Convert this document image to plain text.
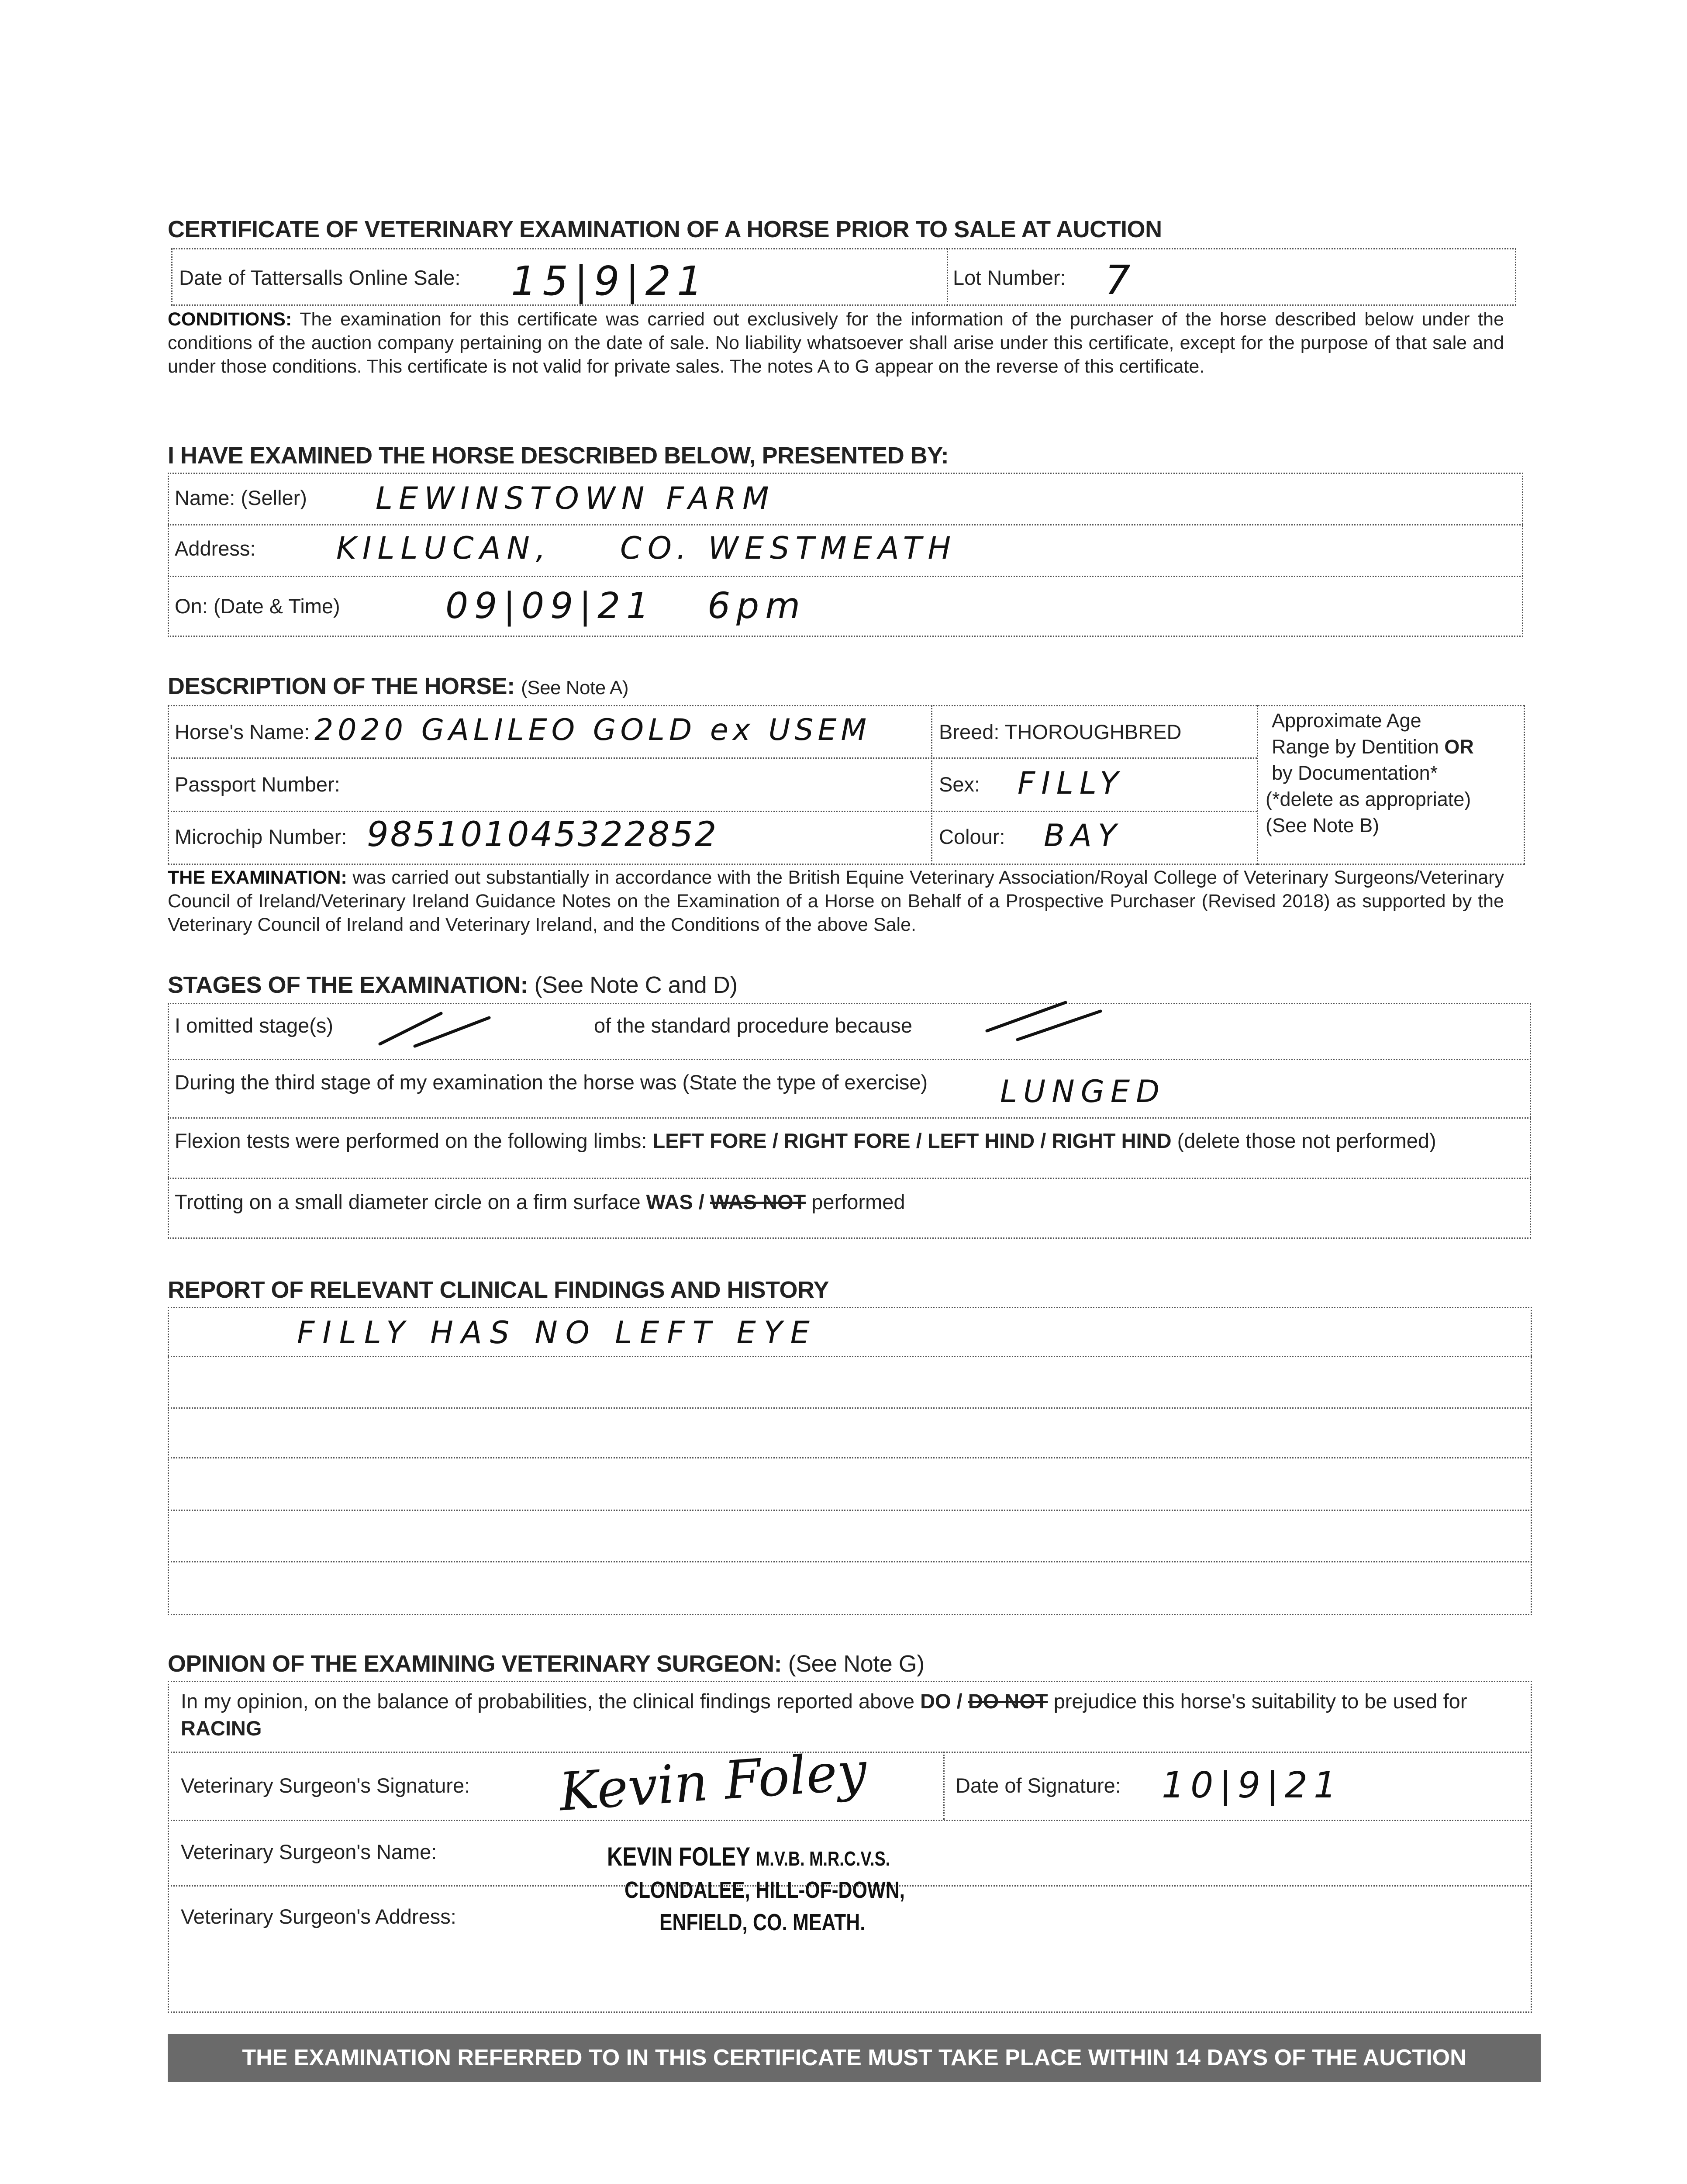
CERTIFICATE OF VETERINARY EXAMINATION OF A HORSE PRIOR TO SALE AT AUCTION
Date of Tattersalls Online Sale: 15|9|21	Lot Number: 7
CONDITIONS: The examination for this certificate was carried out exclusively for the information of the purchaser of the horse described below under the conditions of the auction company pertaining on the date of sale. No liability whatsoever shall arise under this certificate, except for the purpose of that sale and under those conditions. This certificate is not valid for private sales. The notes A to G appear on the reverse of this certificate.
I HAVE EXAMINED THE HORSE DESCRIBED BELOW, PRESENTED BY:
Name: (Seller) LEWINSTOWN FARM
Address:	KILLUCAN, CO. WESTMEATH
On: (Date & Time)	09|09|21 6pm
DESCRIPTION OF THE HORSE: (See Note A)
Horse's Name: 2020 GALILEO GOLD ex USEM	Breed: THOROUGHBRED
Passport Number:	Sex: FILLY
Microchip Number: 985101045322852	Colour: BAY
Approximate Age
Range by Dentition OR
by Documentation*
(*delete as appropriate)
(See Note B)
THE EXAMINATION: was carried out substantially in accordance with the British Equine Veterinary Association/Royal College of Veterinary Surgeons/Veterinary Council of Ireland/Veterinary Ireland Guidance Notes on the Examination of a Horse on Behalf of a Prospective Purchaser (Revised 2018) as supported by the Veterinary Council of Ireland and Veterinary Ireland, and the Conditions of the above Sale.
STAGES OF THE EXAMINATION: (See Note C and D)
I omitted stage(s)	of the standard procedure because
During the third stage of my examination the horse was (State the type of exercise) LUNGED
Flexion tests were performed on the following limbs: LEFT FORE / RIGHT FORE / LEFT HIND / RIGHT HIND (delete those not performed)
Trotting on a small diameter circle on a firm surface WAS / WAS NOT performed
REPORT OF RELEVANT CLINICAL FINDINGS AND HISTORY
FILLY HAS NO LEFT EYE
OPINION OF THE EXAMINING VETERINARY SURGEON: (See Note G)
In my opinion, on the balance of probabilities, the clinical findings reported above DO / DO NOT prejudice this horse's suitability to be used for RACING
Veterinary Surgeon's Signature: Kevin Foley	Date of Signature: 10|9|21
Veterinary Surgeon's Name:	KEVIN FOLEY M.V.B. M.R.C.V.S.
Veterinary Surgeon's Address:
CLONDALEE, HILL-OF-DOWN,
ENFIELD, CO. MEATH.
THE EXAMINATION REFERRED TO IN THIS CERTIFICATE MUST TAKE PLACE WITHIN 14 DAYS OF THE AUCTION
